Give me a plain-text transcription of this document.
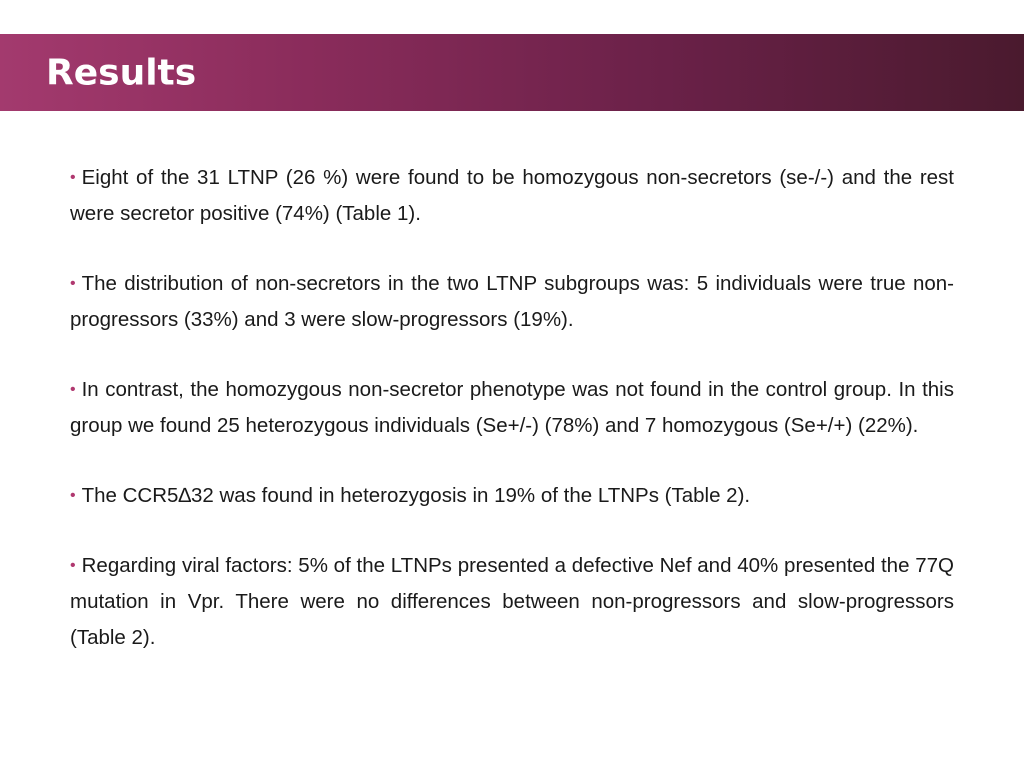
Results

• Eight of the 31 LTNP (26 %) were found to be homozygous non-secretors (se-/-) and the rest were secretor positive (74%) (Table 1).

• The distribution of non-secretors in the two LTNP subgroups was: 5 individuals were true non-progressors (33%) and 3 were slow-progressors (19%).

• In contrast, the homozygous non-secretor phenotype was not found in the control group. In this group we found 25 heterozygous individuals (Se+/-) (78%) and 7 homozygous (Se+/+) (22%).

• The CCR5∆32 was found in heterozygosis in 19% of the LTNPs (Table 2).

• Regarding viral factors: 5% of the LTNPs presented a defective Nef and 40% presented the 77Q mutation in Vpr. There were no differences between non-progressors and slow-progressors (Table 2).
